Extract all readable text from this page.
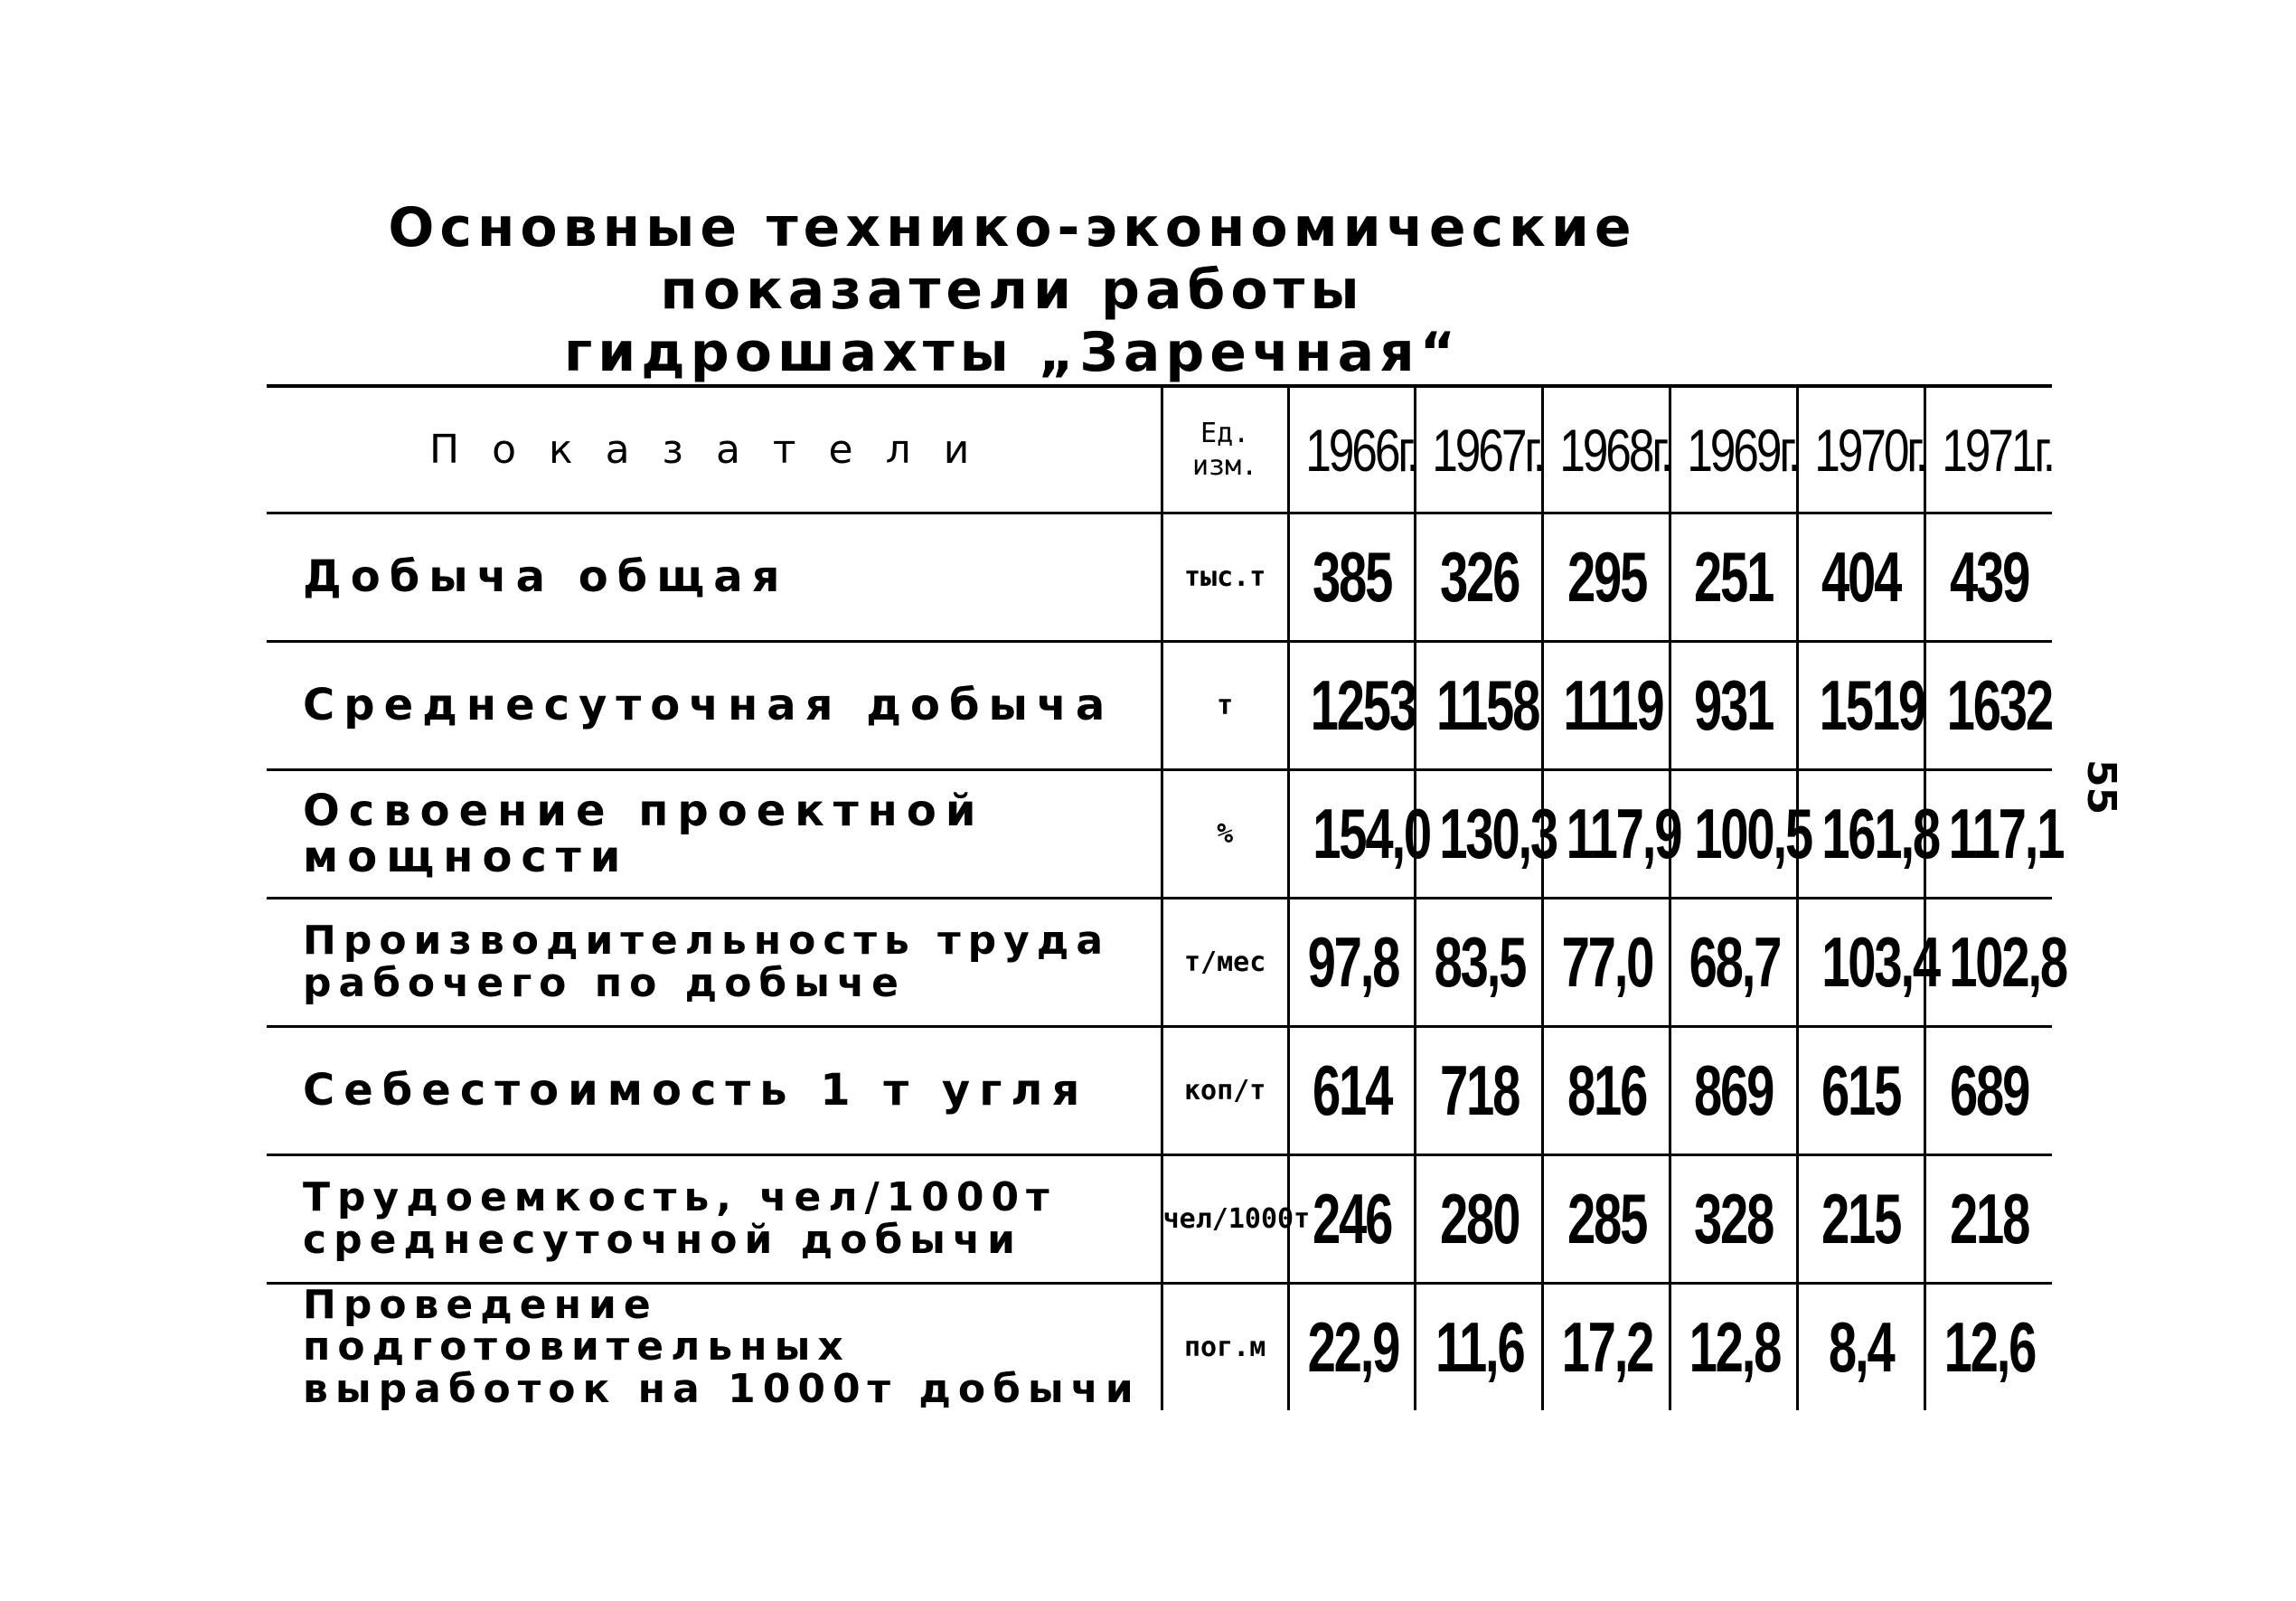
Основные технико-экономические показатели работы
гидрошахты „Заречная“
55
Показатели	Ед. изм.	1966г.	1967г.	1968г.	1969г.	1970г.	1971г.
Добыча общая	тыс.т	385	326	295	251	404	439
Среднесуточная добыча	т	1253	1158	1119	931	1519	1632
Освоение проектной мощности	%	154,0	130,3	117,9	100,5	161,8	117,1
Производительность труда рабочего по добыче	т/мес	97,8	83,5	77,0	68,7	103,4	102,8
Себестоимость 1 т угля	коп/т	614	718	816	869	615	689
Трудоемкость, чел/1000т среднесуточной добычи	чел/1000т	246	280	285	328	215	218
Проведение подготовительных выработок на 1000т добычи	пог.м	22,9	11,6	17,2	12,8	8,4	12,6
